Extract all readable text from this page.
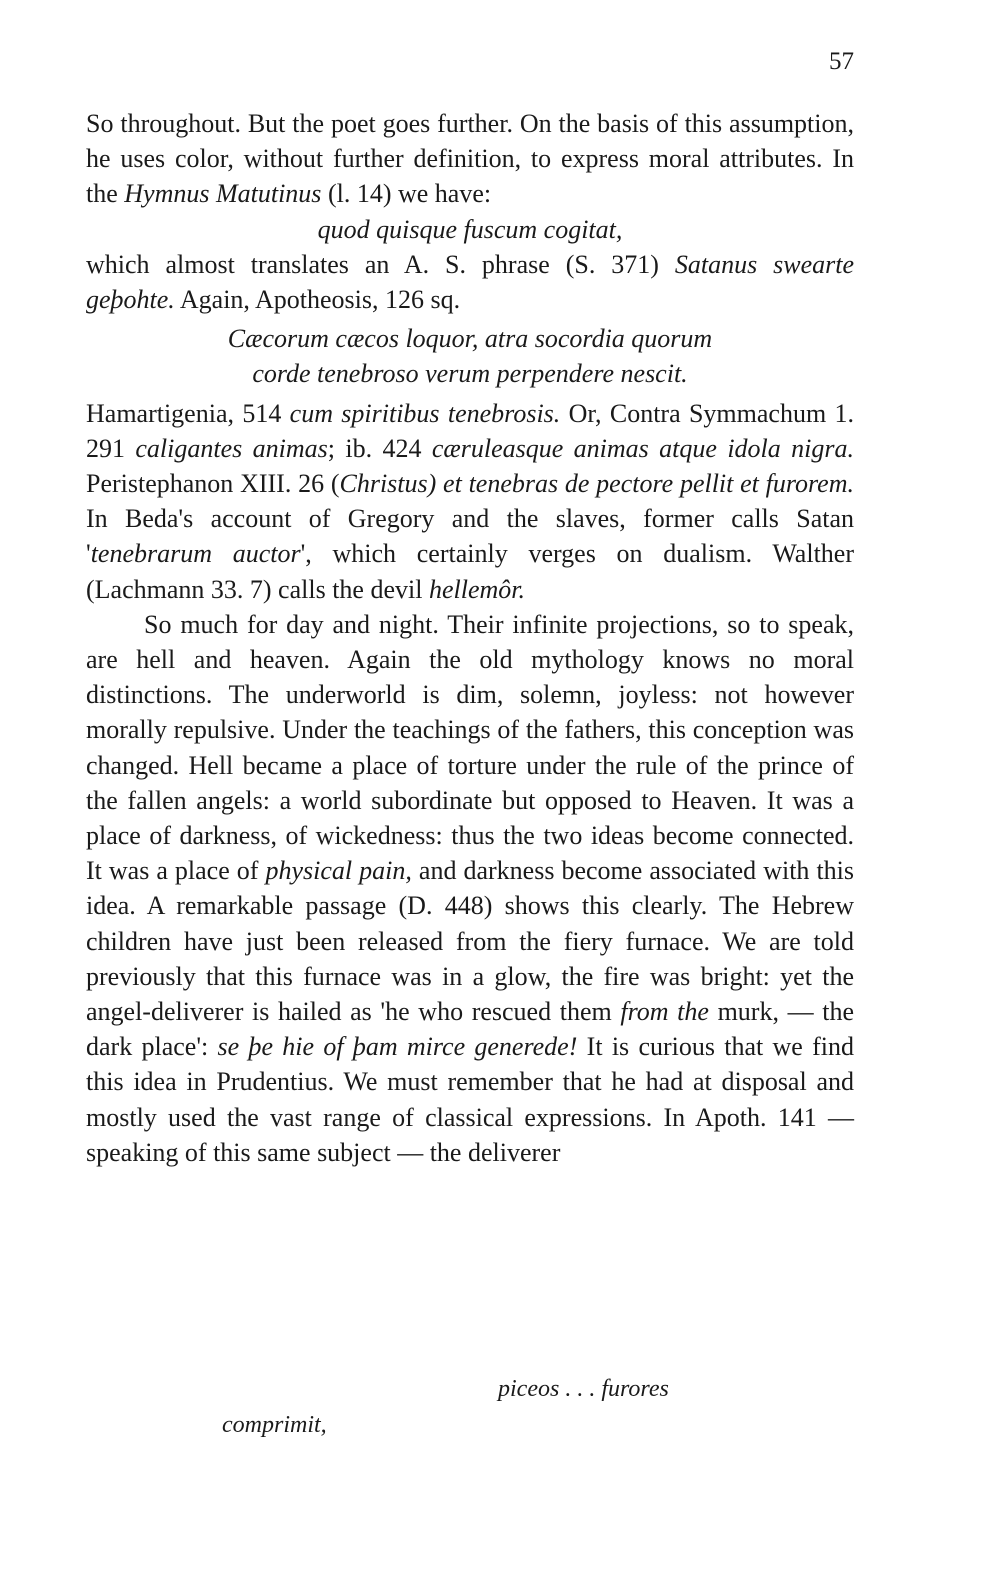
57

So throughout. But the poet goes further. On the basis of this assumption, he uses color, without further definition, to express moral attributes. In the Hymnus Matutinus (l. 14) we have:

quod quisque fuscum cogitat,

which almost translates an A. S. phrase (S. 371) Satanus swearte geþohte. Again, Apotheosis, 126 sq.

Cæcorum cæcos loquor, atra socordia quorum
corde tenebroso verum perpendere nescit.

Hamartigenia, 514 cum spiritibus tenebrosis. Or, Contra Symmachum 1. 291 caligantes animas; ib. 424 cæruleasque animas atque idola nigra. Peristephanon XIII. 26 (Christus) et tenebras de pectore pellit et furorem. In Beda's account of Gregory and the slaves, former calls Satan 'tenebrarum auctor', which certainly verges on dualism. Walther (Lachmann 33. 7) calls the devil hellemôr.

So much for day and night. Their infinite projections, so to speak, are hell and heaven. Again the old mythology knows no moral distinctions. The underworld is dim, solemn, joyless: not however morally repulsive. Under the teachings of the fathers, this conception was changed. Hell became a place of torture under the rule of the prince of the fallen angels: a world subordinate but opposed to Heaven. It was a place of darkness, of wickedness: thus the two ideas become connected. It was a place of physical pain, and darkness become associated with this idea. A remarkable passage (D. 448) shows this clearly. The Hebrew children have just been released from the fiery furnace. We are told previously that this furnace was in a glow, the fire was bright: yet the angel-deliverer is hailed as 'he who rescued them from the murk, — the dark place': se þe hie of þam mirce generede! It is curious that we find this idea in Prudentius. We must remember that he had at disposal and mostly used the vast range of classical expressions. In Apoth. 141 — speaking of this same subject — the deliverer

piceos . . . furores
comprimit,
